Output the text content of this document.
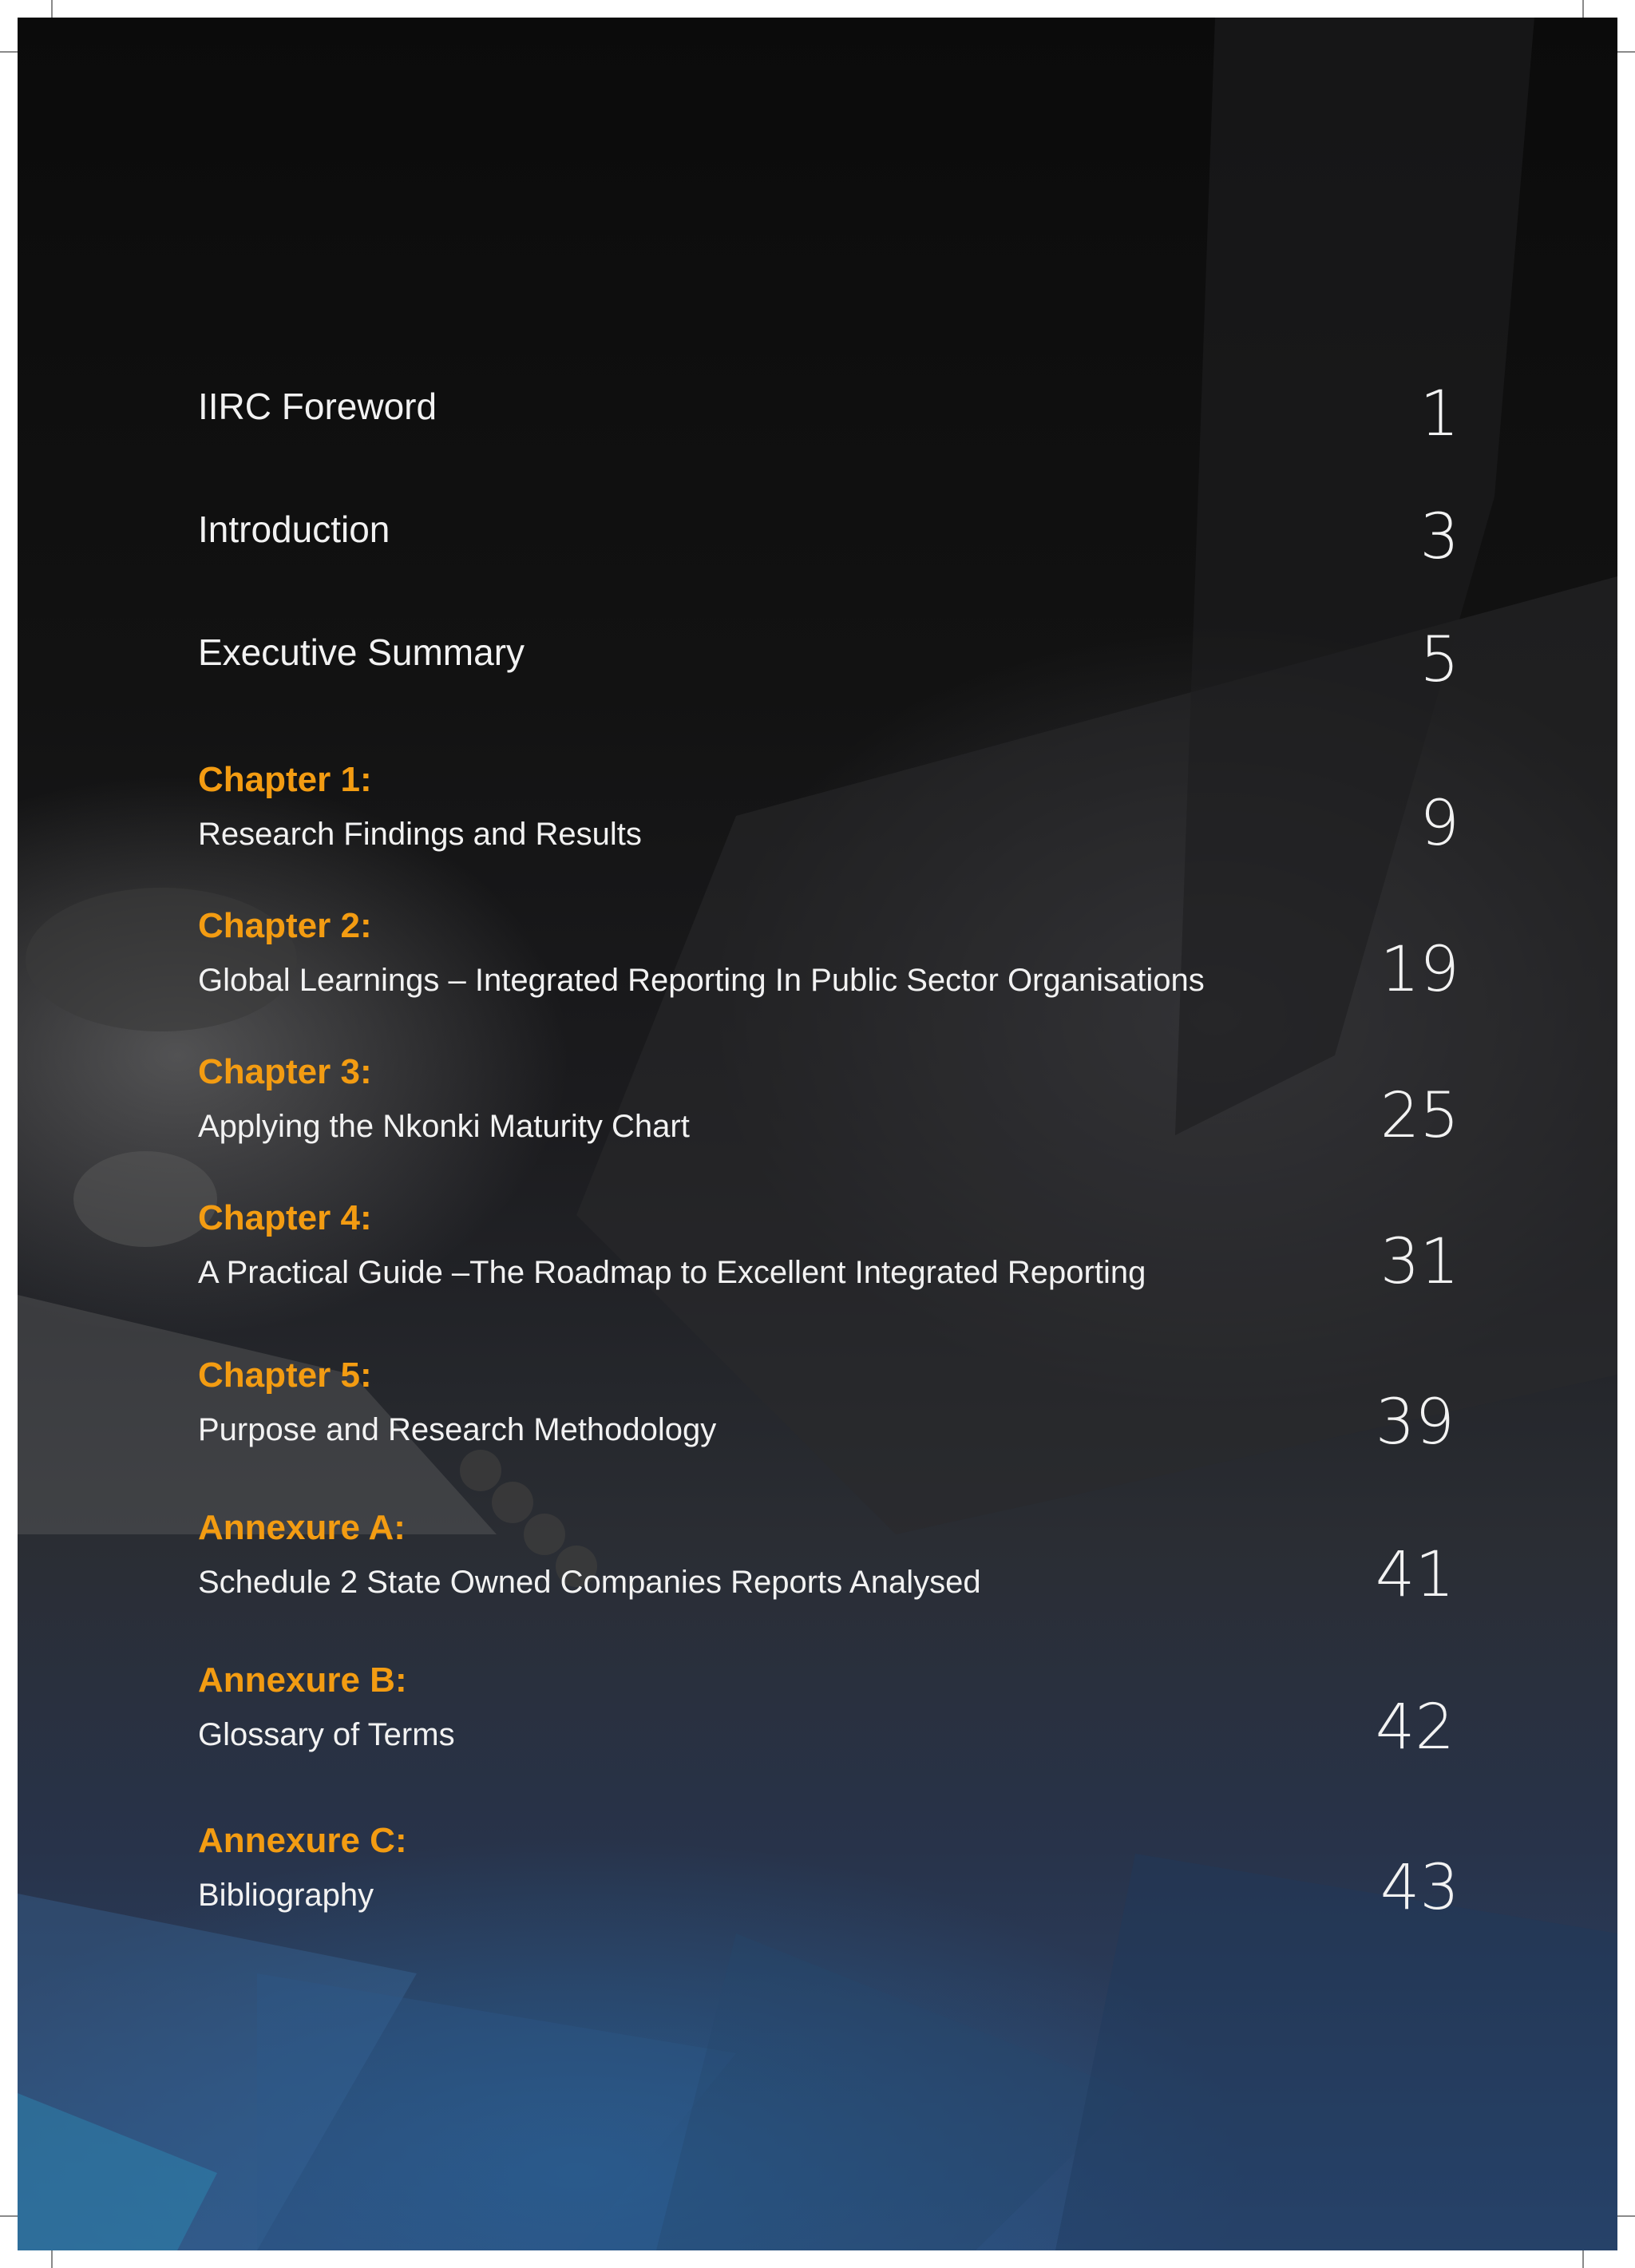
IIRC Foreword	1
Introduction	3
Executive Summary	5
Chapter 1:
Research Findings and Results	9
Chapter 2:
Global Learnings – Integrated Reporting In Public Sector Organisations	19
Chapter 3:
Applying the Nkonki Maturity Chart	25
Chapter 4:
A Practical Guide –The Roadmap to Excellent Integrated Reporting	31
Chapter 5:
Purpose and Research Methodology	39
Annexure A:
Schedule 2 State Owned Companies Reports Analysed	41
Annexure B:
Glossary of Terms	42
Annexure C:
Bibliography	43
